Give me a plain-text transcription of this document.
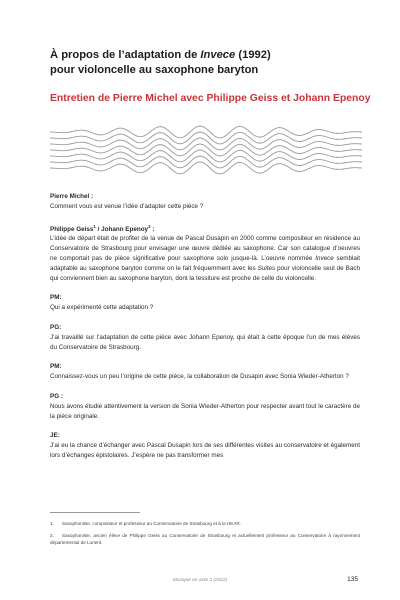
À propos de l’adaptation de Invece (1992)
pour violoncelle au saxophone baryton
Entretien de Pierre Michel avec Philippe Geiss et Johann Epenoy

Pierre Michel :

Comment vous est venue l’idée d’adapter cette pièce ?

Philippe Geiss$^1$ / Johann Epenoy$^2$ :

L’idée de départ était de profiter de la venue de Pascal Dusapin en 2000 comme compositeur en résidence au Conservatoire de Strasbourg pour envisager une œuvre dédiée au saxophone. Car son catalogue d’oeuvres ne comportait pas de pièce significative pour saxophone solo jusque-là. L’oeuvre nommée Invece semblait adaptable au saxophone baryton comme on le fait fréquemment avec les Suites pour violoncelle seul de Bach qui conviennent bien au saxophone baryton, dont la tessiture est proche de celle du violoncelle.

PM:

Qui a expérimenté cette adaptation ?

PG:

J’ai travaillé sur l’adaptation de cette pièce avec Johann Epenoy, qui était à cette époque l’un de mes élèves du Conservatoire de Strasbourg.

PM:

Connaissez-vous un peu l’origine de cette pièce, la collaboration de Dusapin avec Sonia Wieder-Atherton ?

PG :

Nous avons étudié attentivement la version de Sonia Wieder-Atherton pour respecter avant tout le caractère de la pièce originale.

JE:

J’ai eu la chance d’échanger avec Pascal Dusapin lors de ses différentes visites au conservatoire et également lors d’échanges épistolaires. J’espère ne pas transformer mes

1. Saxophoniste, compositeur et professeur au Conservatoire de Strasbourg et à la HEAR.

2. Saxophoniste, ancien élève de Philippe Geiss au Conservatoire de Strasbourg et actuellement professeur au Conservatoire à rayonnement départemental de Lorient.

Musique en acte 3 (2022)	135
